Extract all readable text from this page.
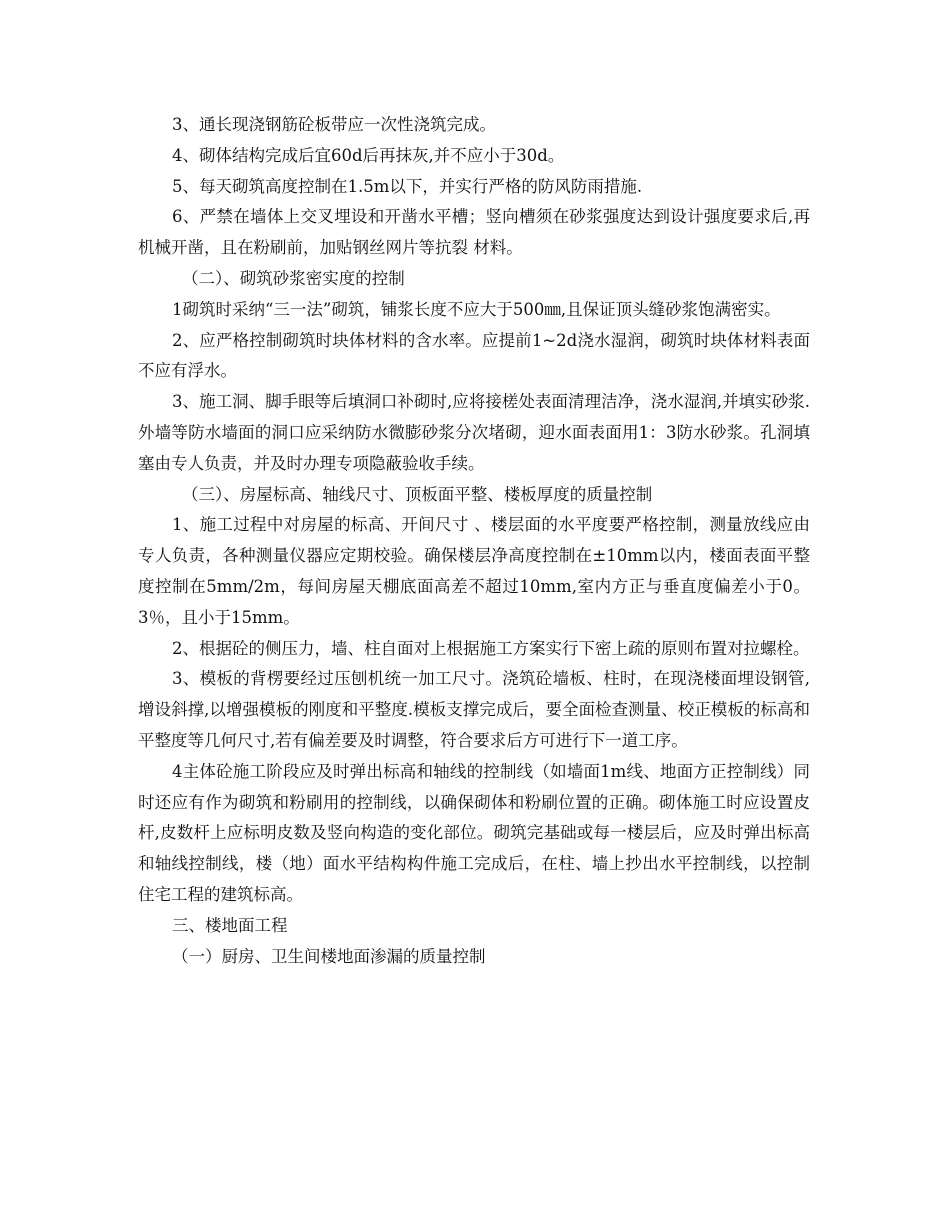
3、通长现浇钢筋砼板带应一次性浇筑完成。

4、砌体结构完成后宜60d后再抹灰,并不应小于30d。

5、每天砌筑高度控制在1.5m以下，并实行严格的防风防雨措施.

6、严禁在墙体上交叉埋设和开凿水平槽；竖向槽须在砂浆强度达到设计强度要求后,再机械开凿，且在粉刷前，加贴钢丝网片等抗裂 材料。

（二）、砌筑砂浆密实度的控制

1砌筑时采纳“三一法”砌筑，铺浆长度不应大于500㎜,且保证顶头缝砂浆饱满密实。

2、应严格控制砌筑时块体材料的含水率。应提前1~2d浇水湿润，砌筑时块体材料表面不应有浮水。

3、施工洞、脚手眼等后填洞口补砌时,应将接槎处表面清理洁净，浇水湿润,并填实砂浆.外墙等防水墙面的洞口应采纳防水微膨砂浆分次堵砌，迎水面表面用1：3防水砂浆。孔洞填塞由专人负责，并及时办理专项隐蔽验收手续。

（三）、房屋标高、轴线尺寸、顶板面平整、楼板厚度的质量控制

1、施工过程中对房屋的标高、开间尺寸 、楼层面的水平度要严格控制，测量放线应由专人负责，各种测量仪器应定期校验。确保楼层净高度控制在±10mm以内，楼面表面平整度控制在5mm/2m，每间房屋天棚底面高差不超过10mm,室内方正与垂直度偏差小于0。3％，且小于15mm。

2、根据砼的侧压力，墙、柱自面对上根据施工方案实行下密上疏的原则布置对拉螺栓。

3、模板的背楞要经过压刨机统一加工尺寸。浇筑砼墙板、柱时，在现浇楼面埋设钢管,增设斜撑,以增强模板的刚度和平整度.模板支撑完成后，要全面检查测量、校正模板的标高和平整度等几何尺寸,若有偏差要及时调整，符合要求后方可进行下一道工序。

4主体砼施工阶段应及时弹出标高和轴线的控制线（如墙面1m线、地面方正控制线）同时还应有作为砌筑和粉刷用的控制线，以确保砌体和粉刷位置的正确。砌体施工时应设置皮杆,皮数杆上应标明皮数及竖向构造的变化部位。砌筑完基础或每一楼层后，应及时弹出标高和轴线控制线，楼（地）面水平结构构件施工完成后，在柱、墙上抄出水平控制线，以控制住宅工程的建筑标高。

三、楼地面工程

（一）厨房、卫生间楼地面渗漏的质量控制
